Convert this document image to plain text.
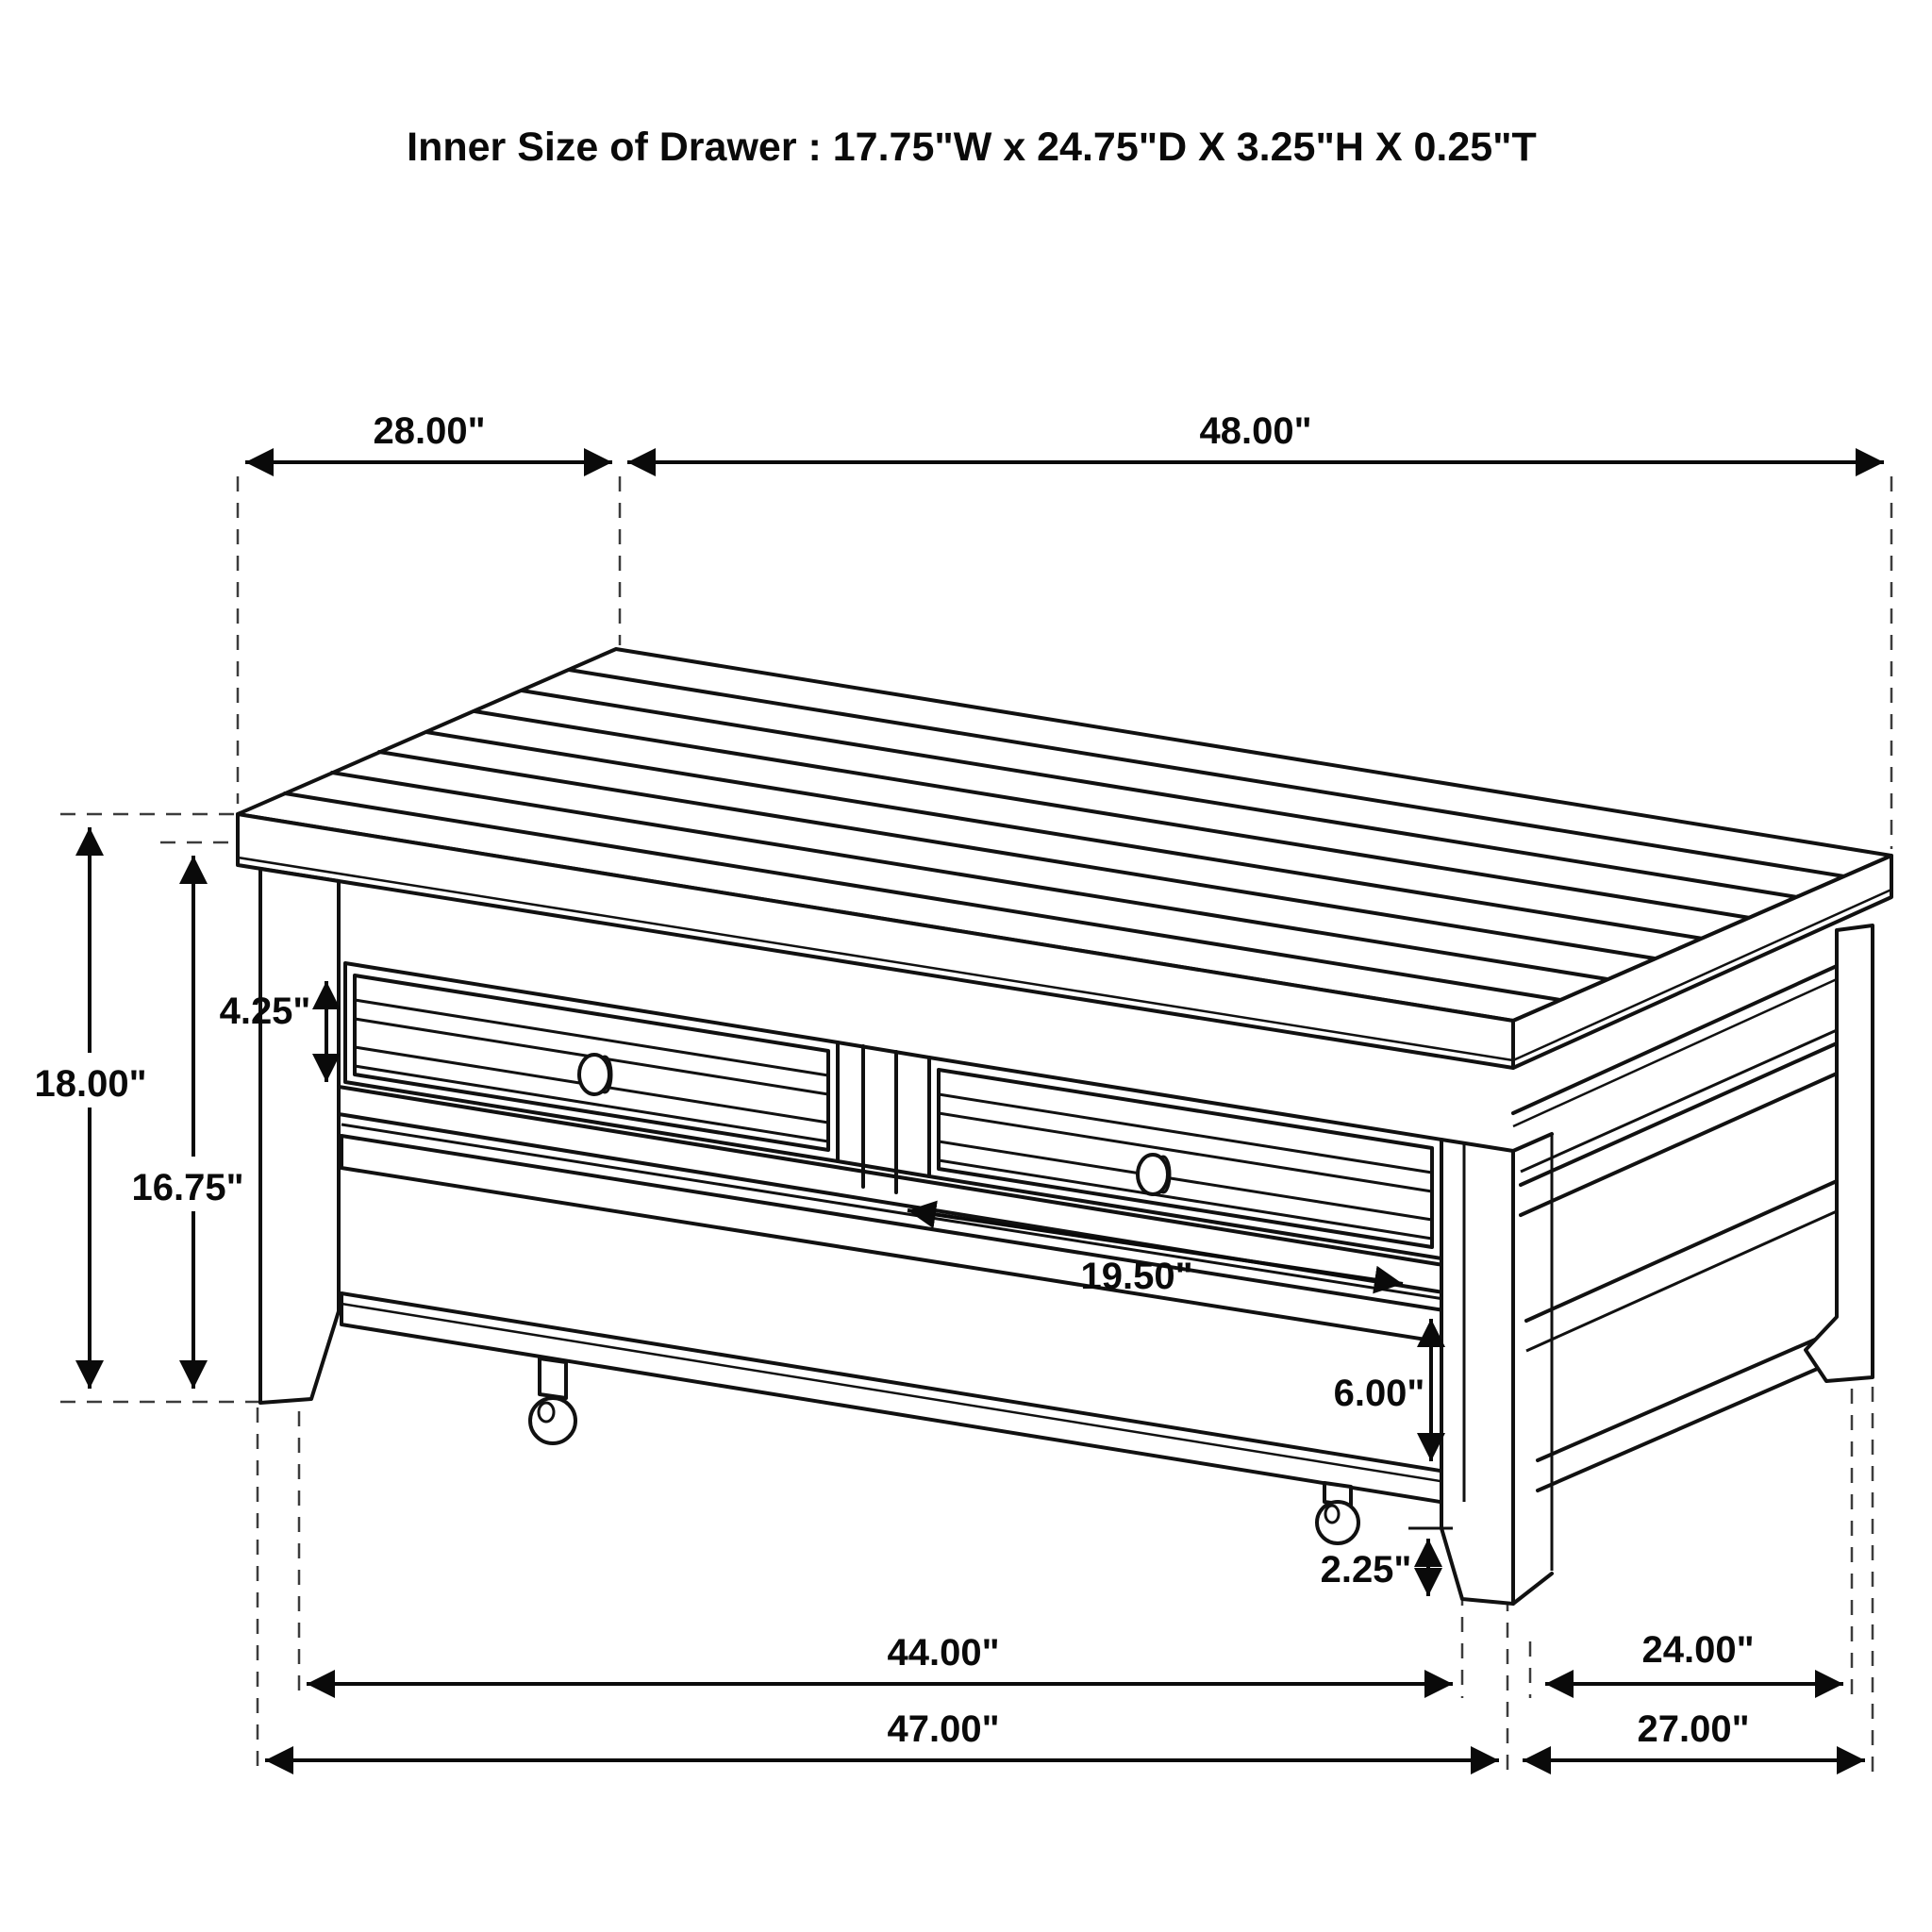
Inner Size of Drawer : 17.75"W x 24.75"D X 3.25"H X 0.25"T
28.00"	48.00"
18.00"
16.75"
4.25"
19.50"
6.00"
2.25"
44.00"	24.00"
47.00"	27.00"
